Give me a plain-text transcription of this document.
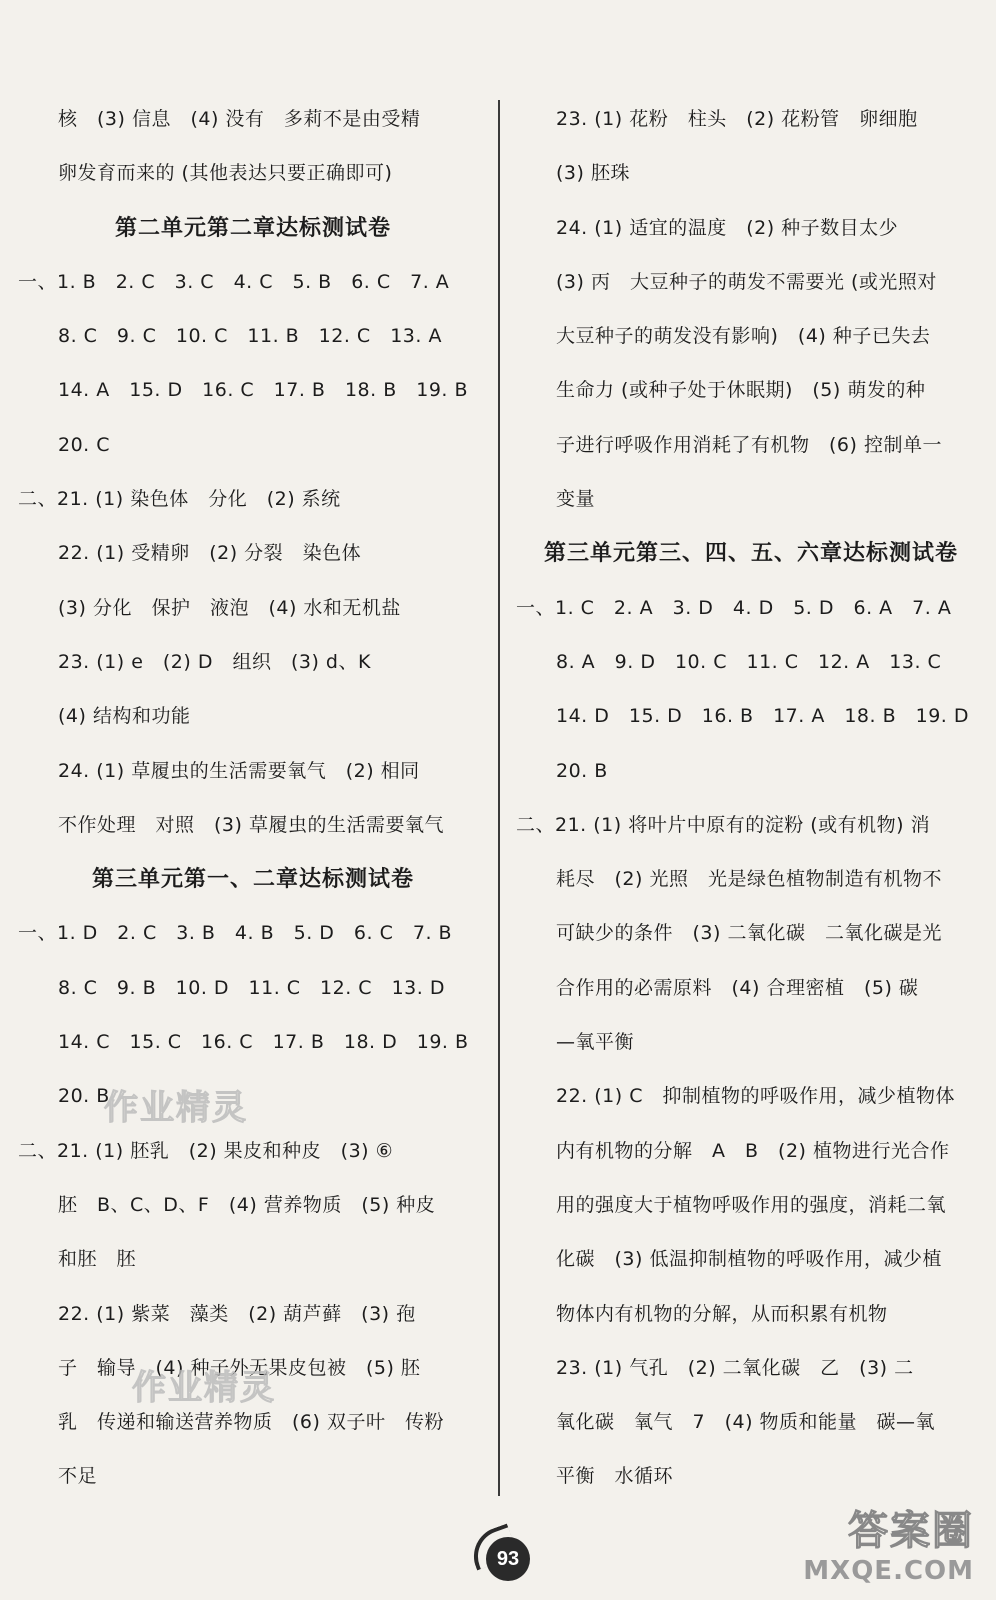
核　(3) 信息　(4) 没有　多莉不是由受精
卵发育而来的 (其他表达只要正确即可)
第二单元第二章达标测试卷
一、1. B　2. C　3. C　4. C　5. B　6. C　7. A
8. C　9. C　10. C　11. B　12. C　13. A
14. A　15. D　16. C　17. B　18. B　19. B
20. C
二、21. (1) 染色体　分化　(2) 系统
22. (1) 受精卵　(2) 分裂　染色体
(3) 分化　保护　液泡　(4) 水和无机盐
23. (1) e　(2) D　组织　(3) d、K
(4) 结构和功能
24. (1) 草履虫的生活需要氧气　(2) 相同
不作处理　对照　(3) 草履虫的生活需要氧气
第三单元第一、二章达标测试卷
一、1. D　2. C　3. B　4. B　5. D　6. C　7. B
8. C　9. B　10. D　11. C　12. C　13. D
14. C　15. C　16. C　17. B　18. D　19. B
20. B
二、21. (1) 胚乳　(2) 果皮和种皮　(3) ⑥
胚　B、C、D、F　(4) 营养物质　(5) 种皮
和胚　胚
22. (1) 紫菜　藻类　(2) 葫芦藓　(3) 孢
子　输导　(4) 种子外无果皮包被　(5) 胚
乳　传递和输送营养物质　(6) 双子叶　传粉
不足
23. (1) 花粉　柱头　(2) 花粉管　卵细胞
(3) 胚珠
24. (1) 适宜的温度　(2) 种子数目太少
(3) 丙　大豆种子的萌发不需要光 (或光照对
大豆种子的萌发没有影响)　(4) 种子已失去
生命力 (或种子处于休眠期)　(5) 萌发的种
子进行呼吸作用消耗了有机物　(6) 控制单一
变量
第三单元第三、四、五、六章达标测试卷
一、1. C　2. A　3. D　4. D　5. D　6. A　7. A
8. A　9. D　10. C　11. C　12. A　13. C
14. D　15. D　16. B　17. A　18. B　19. D
20. B
二、21. (1) 将叶片中原有的淀粉 (或有机物) 消
耗尽　(2) 光照　光是绿色植物制造有机物不
可缺少的条件　(3) 二氧化碳　二氧化碳是光
合作用的必需原料　(4) 合理密植　(5) 碳
—氧平衡
22. (1) C　抑制植物的呼吸作用，减少植物体
内有机物的分解　A　B　(2) 植物进行光合作
用的强度大于植物呼吸作用的强度，消耗二氧
化碳　(3) 低温抑制植物的呼吸作用，减少植
物体内有机物的分解，从而积累有机物
23. (1) 气孔　(2) 二氧化碳　乙　(3) 二
氧化碳　氧气　7　(4) 物质和能量　碳—氧
平衡　水循环
作业精灵
作业精灵
93
答案圈
MXQE.COM
